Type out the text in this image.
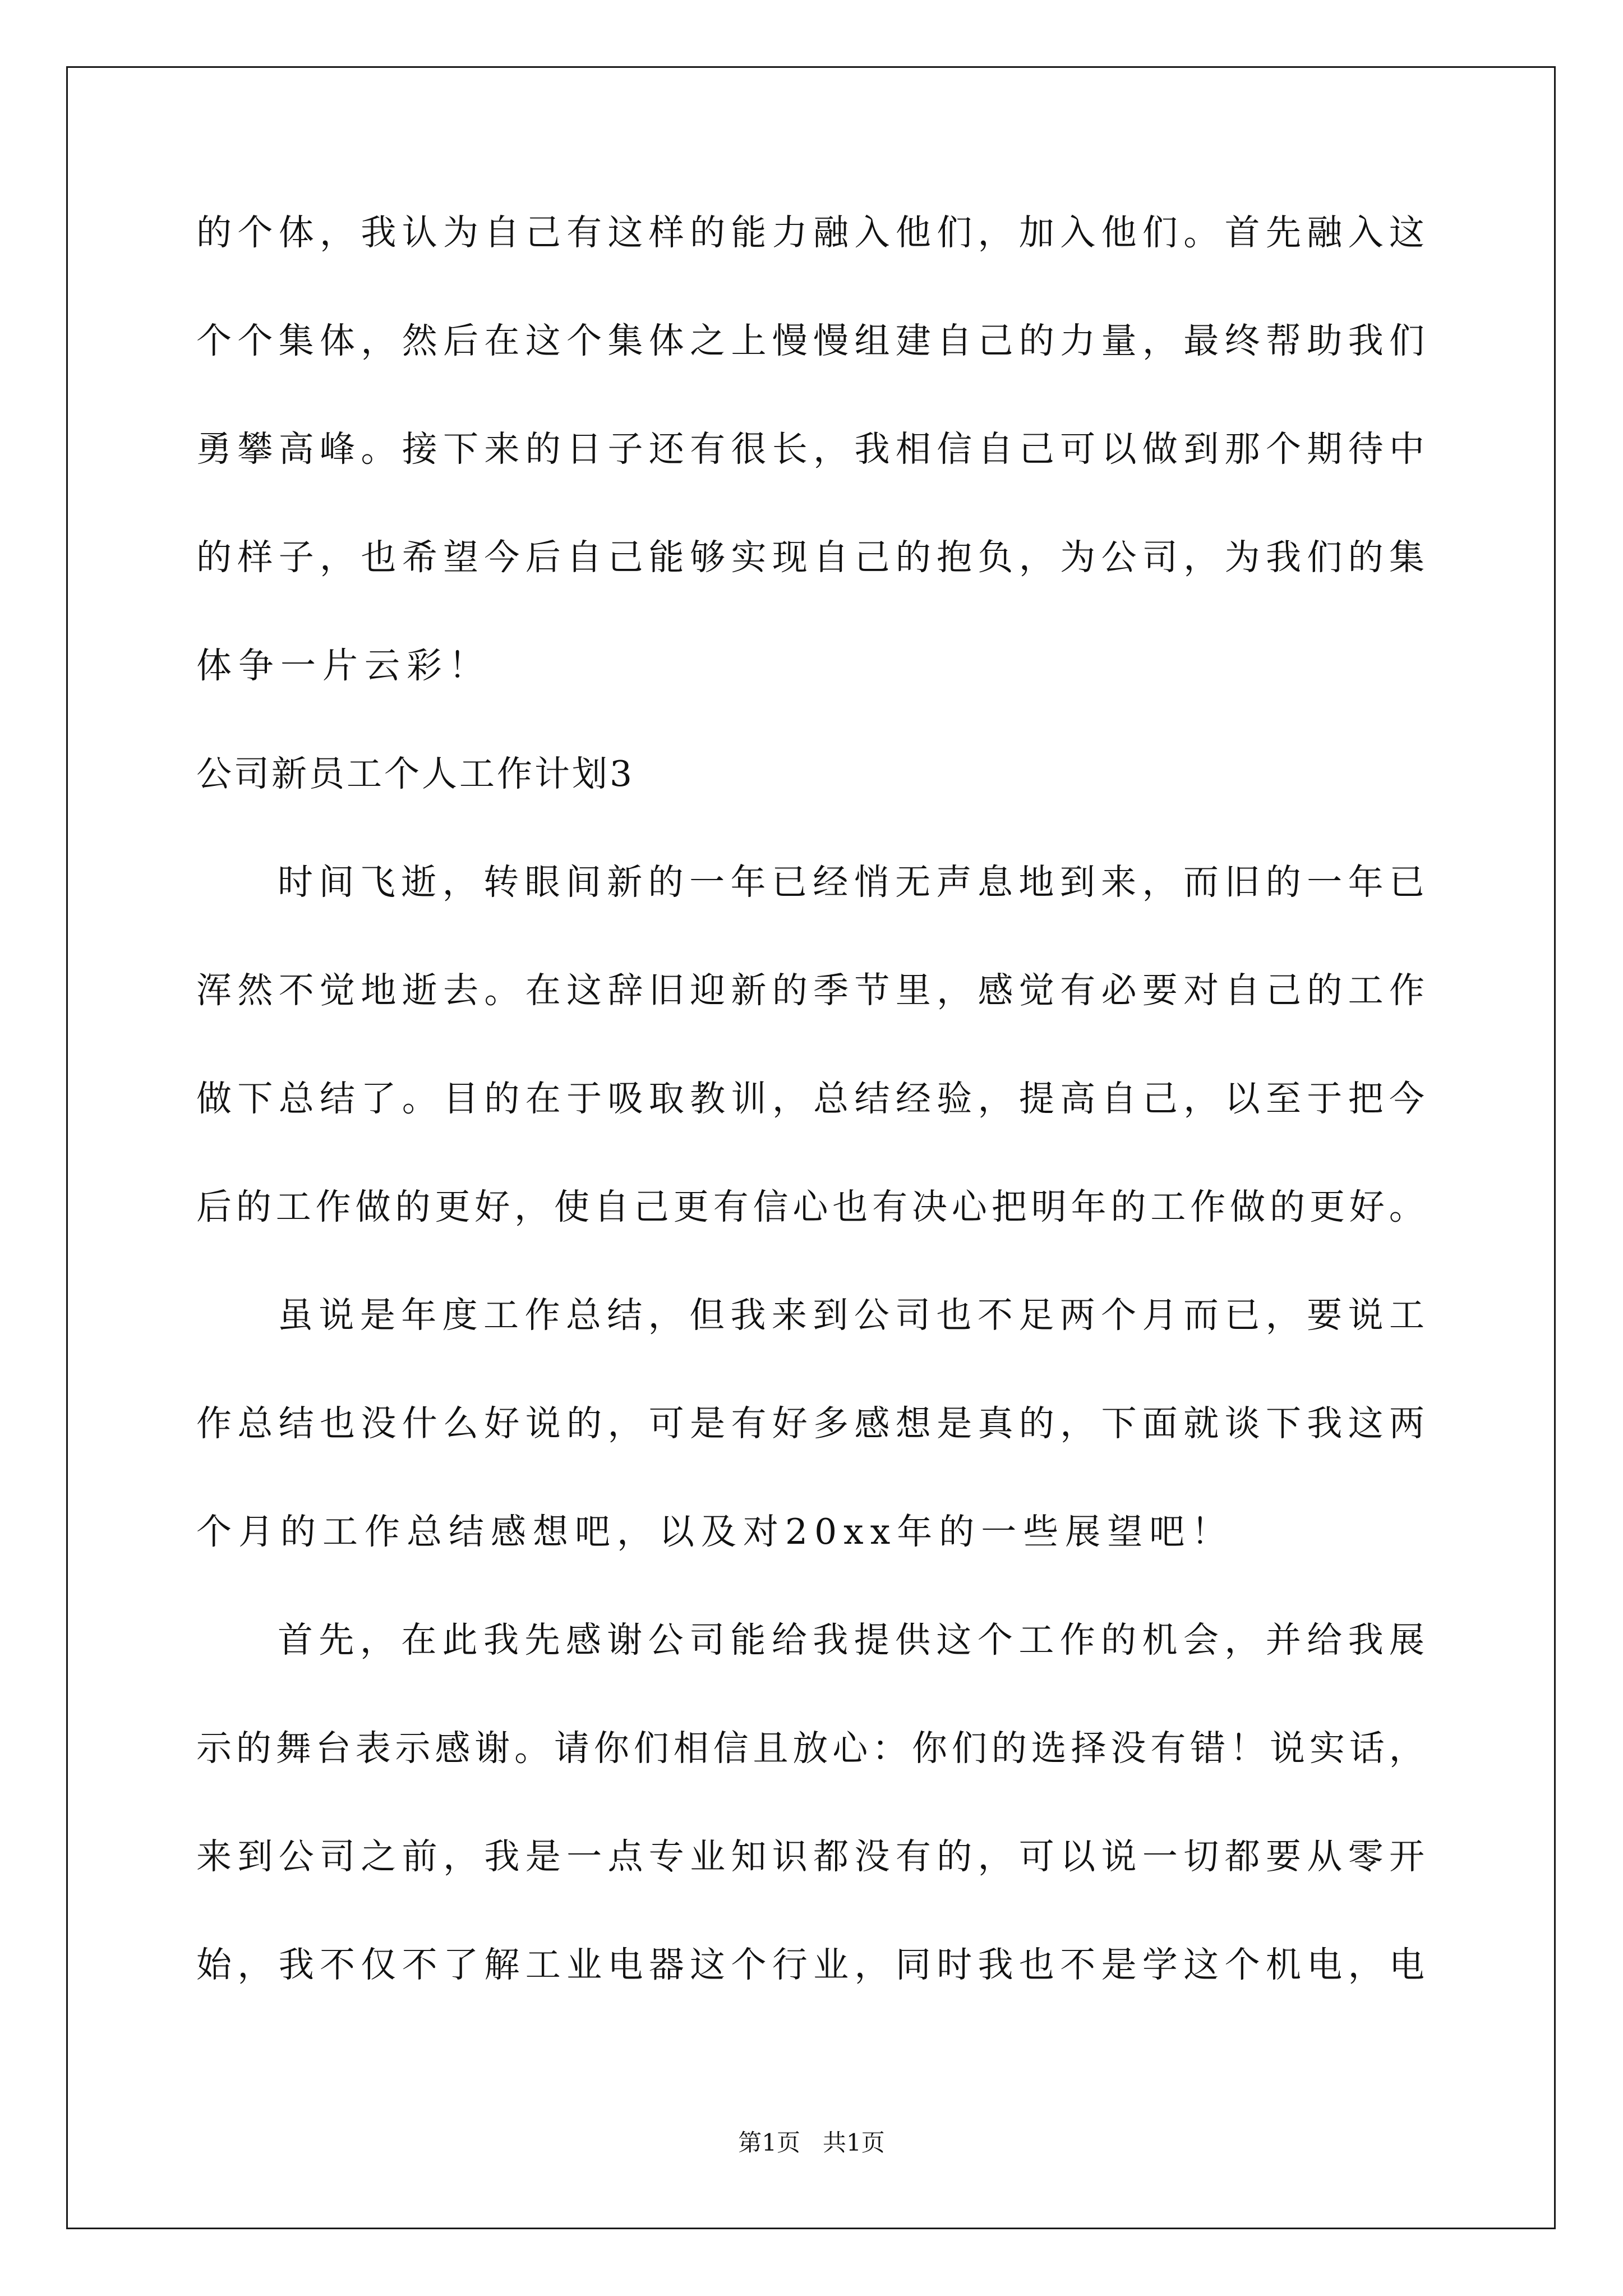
的 个 体 ， 我 认 为 自 己 有 这 样 的 能 力 融 入 他 们 ， 加 入 他 们 。 首 先 融 入 这
个 个 集 体 ， 然 后 在 这 个 集 体 之 上 慢 慢 组 建 自 己 的 力 量 ， 最 终 帮 助 我 们
勇 攀 高 峰 。 接 下 来 的 日 子 还 有 很 长 ， 我 相 信 自 己 可 以 做 到 那 个 期 待 中
的 样 子 ， 也 希 望 今 后 自 己 能 够 实 现 自 己 的 抱 负 ， 为 公 司 ， 为 我 们 的 集
体争一片云彩！
公司新员工个人工作计划3
时 间 飞 逝 ， 转 眼 间 新 的 一 年 已 经 悄 无 声 息 地 到 来 ， 而 旧 的 一 年 已
浑 然 不 觉 地 逝 去 。 在 这 辞 旧 迎 新 的 季 节 里 ， 感 觉 有 必 要 对 自 己 的 工 作
做 下 总 结 了 。 目 的 在 于 吸 取 教 训 ， 总 结 经 验 ， 提 高 自 己 ， 以 至 于 把 今
后 的 工 作 做 的 更 好 ， 使 自 己 更 有 信 心 也 有 决 心 把 明 年 的 工 作 做 的 更 好 。
虽 说 是 年 度 工 作 总 结 ， 但 我 来 到 公 司 也 不 足 两 个 月 而 已 ， 要 说 工
作 总 结 也 没 什 么 好 说 的 ， 可 是 有 好 多 感 想 是 真 的 ， 下 面 就 谈 下 我 这 两
个月的工作总结感想吧，以及对20xx年的一些展望吧！
首 先 ， 在 此 我 先 感 谢 公 司 能 给 我 提 供 这 个 工 作 的 机 会 ， 并 给 我 展
示 的 舞 台 表 示 感 谢 。 请 你 们 相 信 且 放 心 ： 你 们 的 选 择 没 有 错 ！ 说 实 话 ，
来 到 公 司 之 前 ， 我 是 一 点 专 业 知 识 都 没 有 的 ， 可 以 说 一 切 都 要 从 零 开
始 ， 我 不 仅 不 了 解 工 业 电 器 这 个 行 业 ， 同 时 我 也 不 是 学 这 个 机 电 ， 电
第1页 共1页
